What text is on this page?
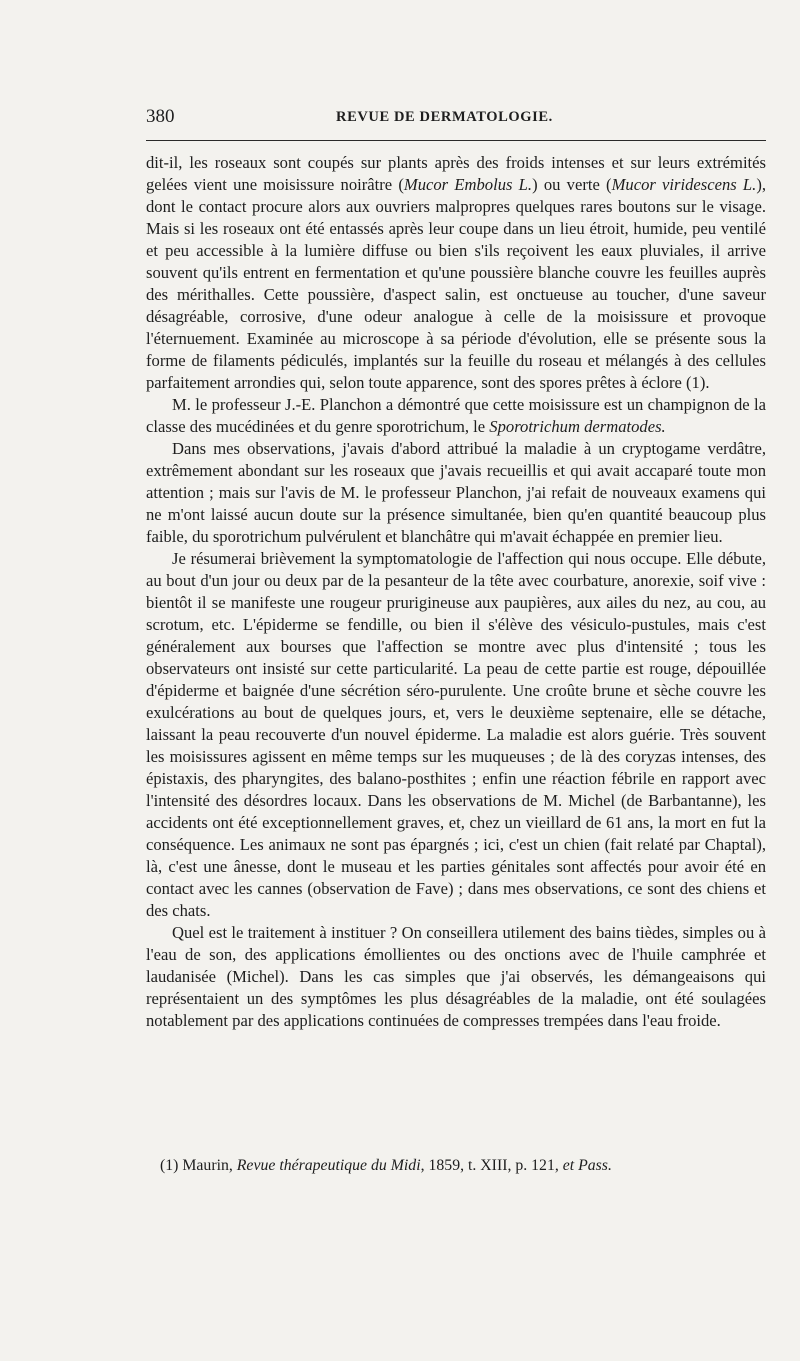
380	REVUE DE DERMATOLOGIE.

dit-il, les roseaux sont coupés sur plants après des froids intenses et sur leurs extrémités gelées vient une moisissure noirâtre (Mucor Embolus L.) ou verte (Mucor viridescens L.), dont le contact procure alors aux ouvriers malpropres quelques rares boutons sur le visage. Mais si les roseaux ont été entassés après leur coupe dans un lieu étroit, humide, peu ventilé et peu accessible à la lumière diffuse ou bien s'ils reçoivent les eaux pluviales, il arrive souvent qu'ils entrent en fermentation et qu'une poussière blanche couvre les feuilles auprès des mérithalles. Cette poussière, d'aspect salin, est onctueuse au toucher, d'une saveur désagréable, corrosive, d'une odeur analogue à celle de la moisissure et provoque l'éternuement. Examinée au microscope à sa période d'évolution, elle se présente sous la forme de filaments pédiculés, implantés sur la feuille du roseau et mélangés à des cellules parfaitement arrondies qui, selon toute apparence, sont des spores prêtes à éclore (1).

M. le professeur J.-E. Planchon a démontré que cette moisissure est un champignon de la classe des mucédinées et du genre sporotrichum, le Sporotrichum dermatodes.

Dans mes observations, j'avais d'abord attribué la maladie à un cryptogame verdâtre, extrêmement abondant sur les roseaux que j'avais recueillis et qui avait accaparé toute mon attention ; mais sur l'avis de M. le professeur Planchon, j'ai refait de nouveaux examens qui ne m'ont laissé aucun doute sur la présence simultanée, bien qu'en quantité beaucoup plus faible, du sporotrichum pulvérulent et blanchâtre qui m'avait échappée en premier lieu.

Je résumerai brièvement la symptomatologie de l'affection qui nous occupe. Elle débute, au bout d'un jour ou deux par de la pesanteur de la tête avec courbature, anorexie, soif vive : bientôt il se manifeste une rougeur prurigineuse aux paupières, aux ailes du nez, au cou, au scrotum, etc. L'épiderme se fendille, ou bien il s'élève des vésiculo-pustules, mais c'est généralement aux bourses que l'affection se montre avec plus d'intensité ; tous les observateurs ont insisté sur cette particularité. La peau de cette partie est rouge, dépouillée d'épiderme et baignée d'une sécrétion séro-purulente. Une croûte brune et sèche couvre les exulcérations au bout de quelques jours, et, vers le deuxième septenaire, elle se détache, laissant la peau recouverte d'un nouvel épiderme. La maladie est alors guérie. Très souvent les moisissures agissent en même temps sur les muqueuses ; de là des coryzas intenses, des épistaxis, des pharyngites, des balano-posthites ; enfin une réaction fébrile en rapport avec l'intensité des désordres locaux. Dans les observations de M. Michel (de Barbantanne), les accidents ont été exceptionnellement graves, et, chez un vieillard de 61 ans, la mort en fut la conséquence. Les animaux ne sont pas épargnés ; ici, c'est un chien (fait relaté par Chaptal), là, c'est une ânesse, dont le museau et les parties génitales sont affectés pour avoir été en contact avec les cannes (observation de Fave) ; dans mes observations, ce sont des chiens et des chats.

Quel est le traitement à instituer ? On conseillera utilement des bains tièdes, simples ou à l'eau de son, des applications émollientes ou des onctions avec de l'huile camphrée et laudanisée (Michel). Dans les cas simples que j'ai observés, les démangeaisons qui représentaient un des symptômes les plus désagréables de la maladie, ont été soulagées notablement par des applications continuées de compresses trempées dans l'eau froide.

(1) Maurin, Revue thérapeutique du Midi, 1859, t. XIII, p. 121, et Pass.
